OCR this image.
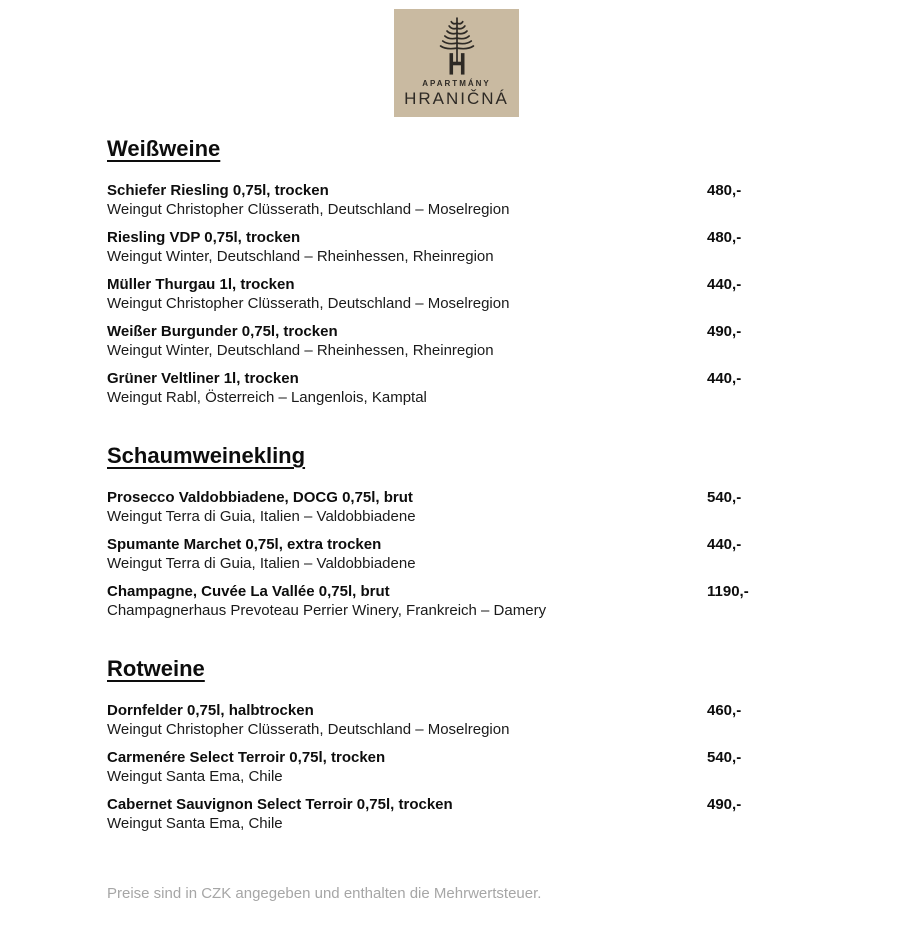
APARTMÁNY
HRANIČNÁ
Weißweine
Schiefer Riesling 0,75l, trocken	480,-
Weingut Christopher Clüsserath, Deutschland – Moselregion
Riesling VDP 0,75l, trocken	480,-
Weingut Winter, Deutschland – Rheinhessen, Rheinregion
Müller Thurgau 1l, trocken	440,-
Weingut Christopher Clüsserath, Deutschland – Moselregion
Weißer Burgunder 0,75l, trocken	490,-
Weingut Winter, Deutschland – Rheinhessen, Rheinregion
Grüner Veltliner 1l, trocken	440,-
Weingut Rabl, Österreich – Langenlois, Kamptal
Schaumweinekling
Prosecco Valdobbiadene, DOCG 0,75l, brut	540,-
Weingut Terra di Guia, Italien – Valdobbiadene
Spumante Marchet 0,75l, extra trocken	440,-
Weingut Terra di Guia, Italien – Valdobbiadene
Champagne, Cuvée La Vallée 0,75l, brut	1190,-
Champagnerhaus Prevoteau Perrier Winery, Frankreich – Damery
Rotweine
Dornfelder 0,75l, halbtrocken	460,-
Weingut Christopher Clüsserath, Deutschland – Moselregion
Carmenére Select Terroir 0,75l, trocken	540,-
Weingut Santa Ema, Chile
Cabernet Sauvignon Select Terroir 0,75l, trocken	490,-
Weingut Santa Ema, Chile
Preise sind in CZK angegeben und enthalten die Mehrwertsteuer.
